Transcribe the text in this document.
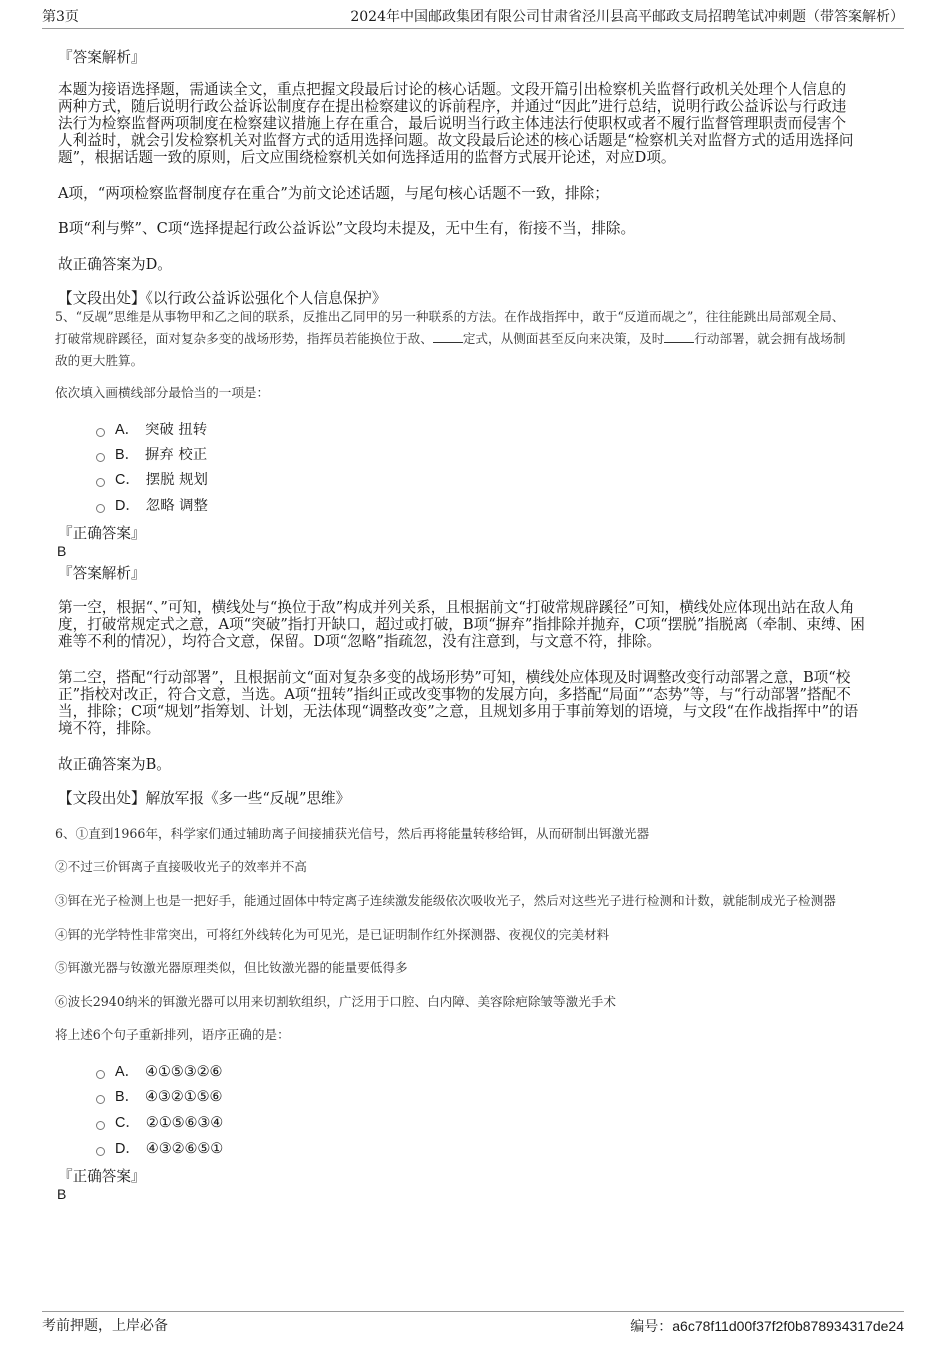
第3页	2024年中国邮政集团有限公司甘肃省泾川县高平邮政支局招聘笔试冲刺题（带答案解析）
『答案解析』

本题为接语选择题，需通读全文，重点把握文段最后讨论的核心话题。文段开篇引出检察机关监督行政机关处理个人信息的

两种方式，随后说明行政公益诉讼制度存在提出检察建议的诉前程序，并通过“因此”进行总结，说明行政公益诉讼与行政违

法行为检察监督两项制度在检察建议措施上存在重合，最后说明当行政主体违法行使职权或者不履行监督管理职责而侵害个

人利益时，就会引发检察机关对监督方式的适用选择问题。故文段最后论述的核心话题是“检察机关对监督方式的适用选择问

题”，根据话题一致的原则，后文应围绕检察机关如何选择适用的监督方式展开论述，对应D项。

A项，“两项检察监督制度存在重合”为前文论述话题，与尾句核心话题不一致，排除；

B项“利与弊”、C项“选择提起行政公益诉讼”文段均未提及，无中生有，衔接不当，排除。

故正确答案为D。

【文段出处】《以行政公益诉讼强化个人信息保护》

5、“反觇”思维是从事物甲和乙之间的联系，反推出乙同甲的另一种联系的方法。在作战指挥中，敢于“反道而觇之”，往往能跳出局部观全局、

打破常规辟蹊径，面对复杂多变的战场形势，指挥员若能换位于敌、 定式，从侧面甚至反向来决策，及时 行动部署，就会拥有战场制

敌的更大胜算。

依次填入画横线部分最恰当的一项是：

A． 突破 扭转
B． 摒弃 校正
C． 摆脱 规划
D． 忽略 调整
『正确答案』
B
『答案解析』

第一空，根据“、”可知，横线处与“换位于敌”构成并列关系，且根据前文“打破常规辟蹊径”可知，横线处应体现出站在敌人角

度，打破常规定式之意，A项“突破”指打开缺口，超过或打破，B项“摒弃”指排除并抛弃，C项“摆脱”指脱离（牵制、束缚、困

难等不利的情况），均符合文意，保留。D项“忽略”指疏忽，没有注意到，与文意不符，排除。

第二空，搭配“行动部署”，且根据前文“面对复杂多变的战场形势”可知，横线处应体现及时调整改变行动部署之意，B项“校

正”指校对改正，符合文意，当选。A项“扭转”指纠正或改变事物的发展方向，多搭配“局面”“态势”等，与“行动部署”搭配不

当，排除；C项“规划”指筹划、计划，无法体现“调整改变”之意，且规划多用于事前筹划的语境，与文段“在作战指挥中”的语

境不符，排除。

故正确答案为B。

【文段出处】解放军报《多一些“反觇”思维》

6、①直到1966年，科学家们通过辅助离子间接捕获光信号，然后再将能量转移给铒，从而研制出铒激光器

②不过三价铒离子直接吸收光子的效率并不高

③铒在光子检测上也是一把好手，能通过固体中特定离子连续激发能级依次吸收光子，然后对这些光子进行检测和计数，就能制成光子检测器

④铒的光学特性非常突出，可将红外线转化为可见光，是已证明制作红外探测器、夜视仪的完美材料

⑤铒激光器与钕激光器原理类似，但比钕激光器的能量要低得多

⑥波长2940纳米的铒激光器可以用来切割软组织，广泛用于口腔、白内障、美容除疤除皱等激光手术

将上述6个句子重新排列，语序正确的是：

A． ④①⑤③②⑥
B． ④③②①⑤⑥
C． ②①⑤⑥③④
D． ④③②⑥⑤①
『正确答案』
B
考前押题，上岸必备	编号：a6c78f11d00f37f2f0b878934317de24
